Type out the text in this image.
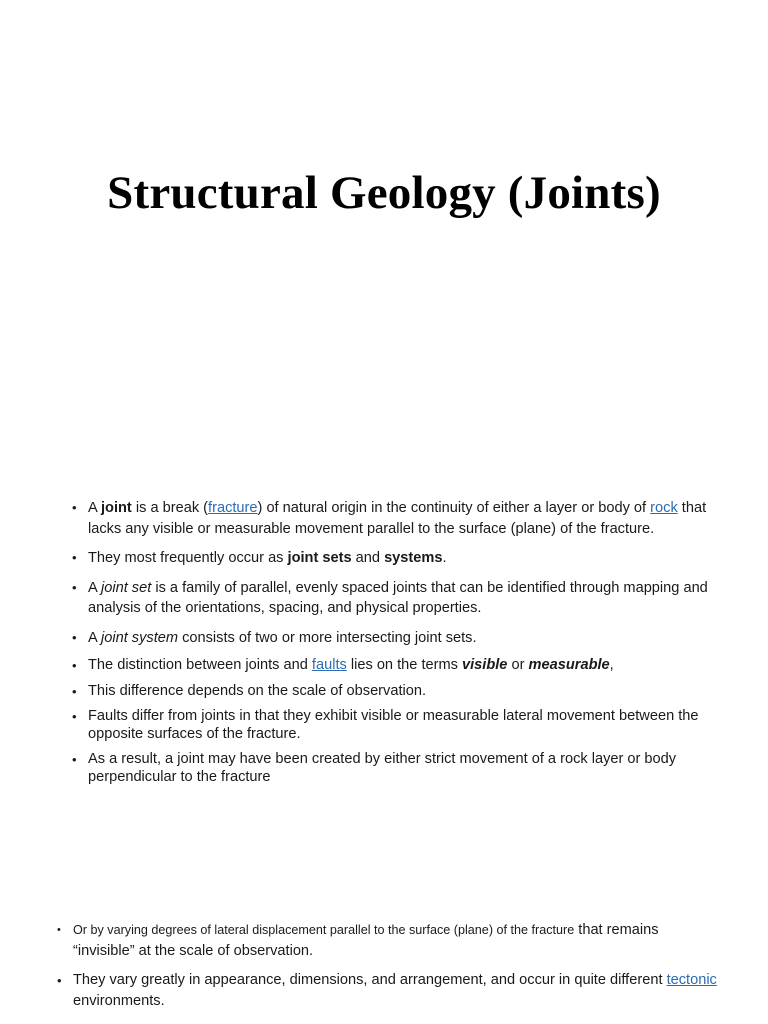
Structural Geology (Joints)
• A joint is a break (fracture) of natural origin in the continuity of either a layer or body of rock that lacks any visible or measurable movement parallel to the surface (plane) of the fracture.
• They most frequently occur as joint sets and systems.
• A joint set is a family of parallel, evenly spaced joints that can be identified through mapping and analysis of the orientations, spacing, and physical properties.
• A joint system consists of two or more intersecting joint sets.
• The distinction between joints and faults lies on the terms visible or measurable,
• This difference depends on the scale of observation.
• Faults differ from joints in that they exhibit visible or measurable lateral movement between the opposite surfaces of the fracture.
• As a result, a joint may have been created by either strict movement of a rock layer or body perpendicular to the fracture
• Or by varying degrees of lateral displacement parallel to the surface (plane) of the fracture that remains “invisible” at the scale of observation.
• They vary greatly in appearance, dimensions, and arrangement, and occur in quite different tectonic environments.
